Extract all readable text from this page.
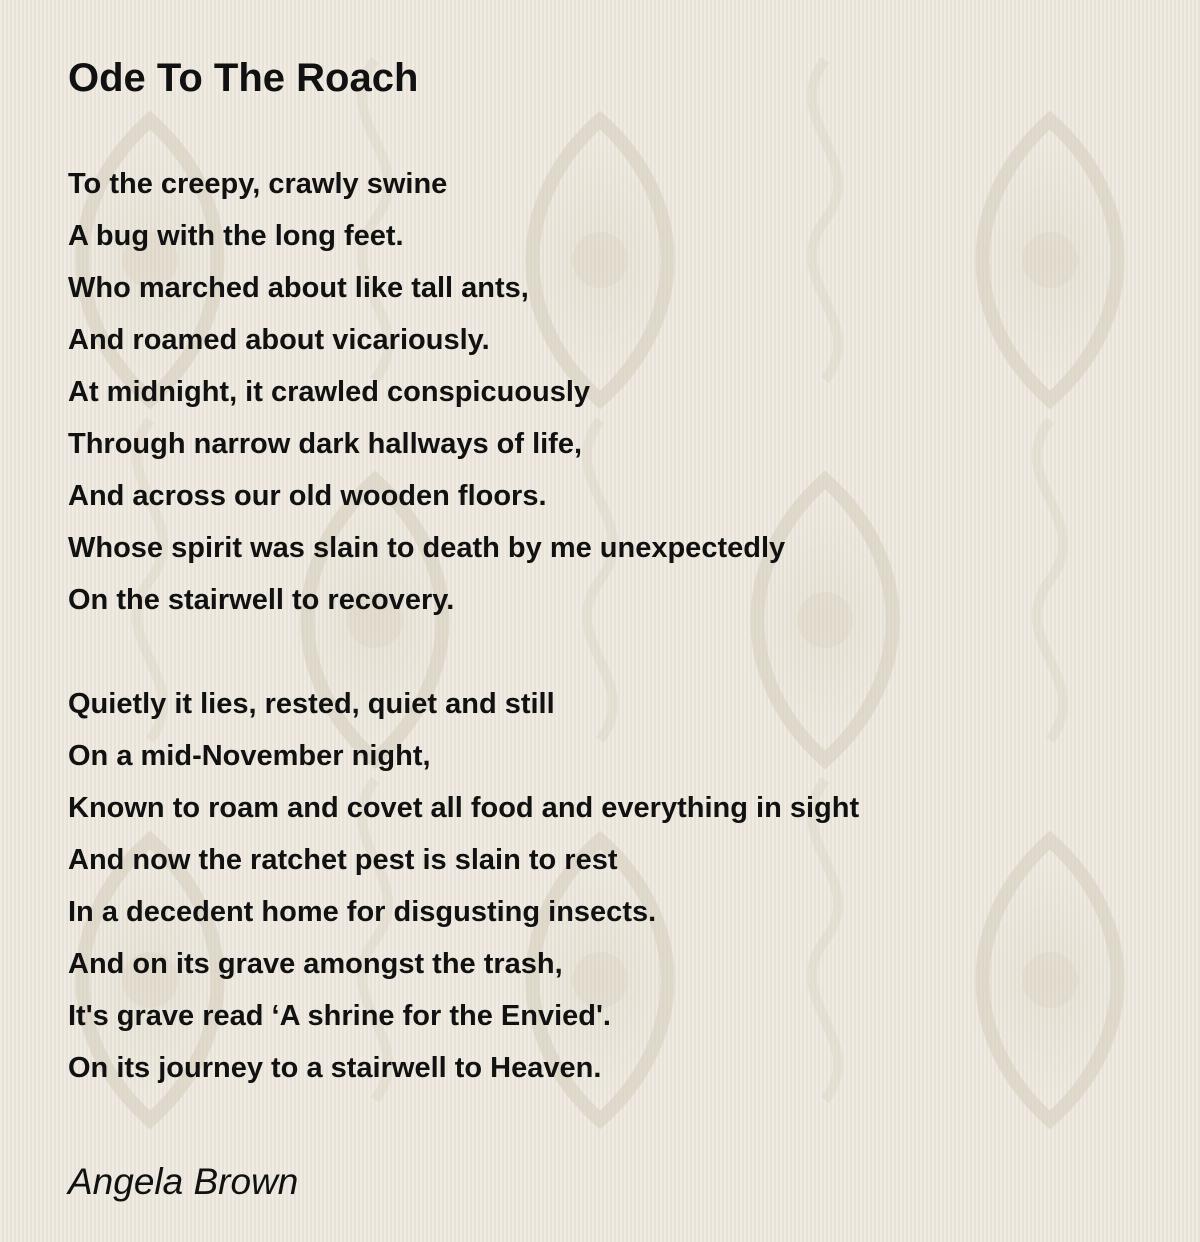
Ode To The Roach
To the creepy, crawly swine
A bug with the long feet.
Who marched about like tall ants,
And roamed about vicariously.
At midnight, it crawled conspicuously
Through narrow dark hallways of life,
And across our old wooden floors.
Whose spirit was slain to death by me unexpectedly
On the stairwell to recovery.
Quietly it lies, rested, quiet and still
On a mid-November night,
Known to roam and covet all food and everything in sight
And now the ratchet pest is slain to rest
In a decedent home for disgusting insects.
And on its grave amongst the trash,
It's grave read ‘A shrine for the Envied'.
On its journey to a stairwell to Heaven.

Angela Brown
